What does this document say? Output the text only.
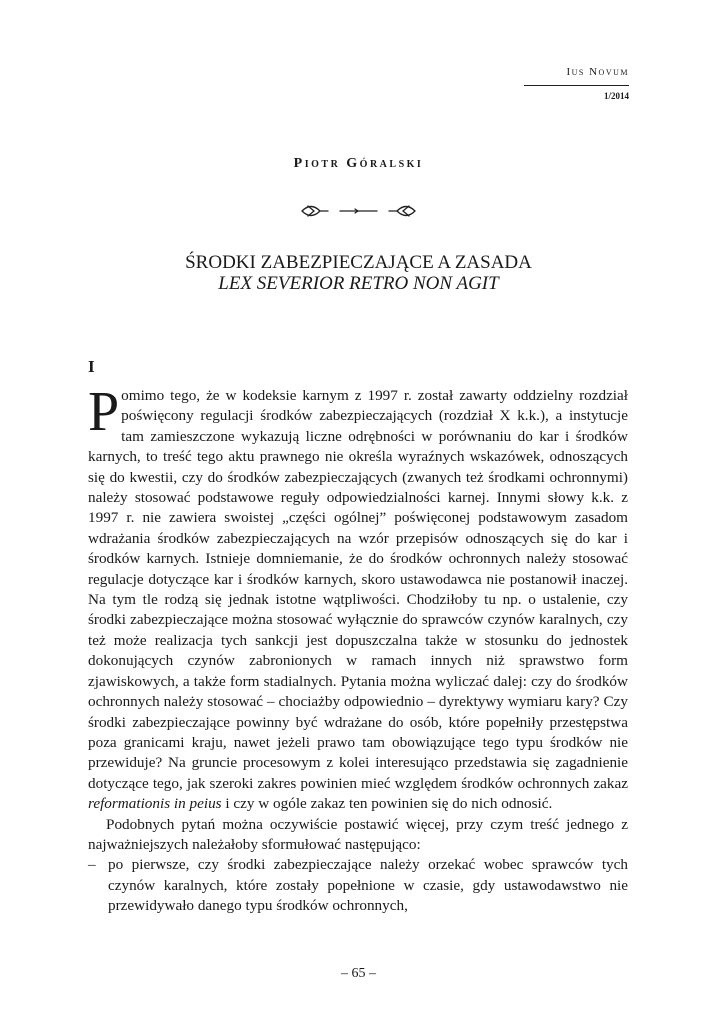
Ius Novum
1/2014
Piotr Góralski
ŚRODKI ZABEZPIECZAJĄCE A ZASADA
LEX SEVERIOR RETRO NON AGIT
I

Pomimo tego, że w kodeksie karnym z 1997 r. został zawarty oddzielny rozdział poświęcony regulacji środków zabezpieczających (rozdział X k.k.), a instytucje tam zamieszczone wykazują liczne odrębności w porównaniu do kar i środków karnych, to treść tego aktu prawnego nie określa wyraźnych wskazówek, odnoszących się do kwestii, czy do środków zabezpieczających (zwanych też środkami ochronnymi) należy stosować podstawowe reguły odpowiedzialności karnej. Innymi słowy k.k. z 1997 r. nie zawiera swoistej „części ogólnej” poświęconej podstawowym zasadom wdrażania środków zabezpieczających na wzór przepisów odnoszących się do kar i środków karnych. Istnieje domniemanie, że do środków ochronnych należy stosować regulacje dotyczące kar i środków karnych, skoro ustawodawca nie postanowił inaczej. Na tym tle rodzą się jednak istotne wątpliwości. Chodziłoby tu np. o ustalenie, czy środki zabezpieczające można stosować wyłącznie do sprawców czynów karalnych, czy też może realizacja tych sankcji jest dopuszczalna także w stosunku do jednostek dokonujących czynów zabronionych w ramach innych niż sprawstwo form zjawiskowych, a także form stadialnych. Pytania można wyliczać dalej: czy do środków ochronnych należy stosować – chociażby odpowiednio – dyrektywy wymiaru kary? Czy środki zabezpieczające powinny być wdrażane do osób, które popełniły przestępstwa poza granicami kraju, nawet jeżeli prawo tam obowiązujące tego typu środków nie przewiduje? Na gruncie procesowym z kolei interesująco przedstawia się zagadnienie dotyczące tego, jak szeroki zakres powinien mieć względem środków ochronnych zakaz reformationis in peius i czy w ogóle zakaz ten powinien się do nich odnosić.

Podobnych pytań można oczywiście postawić więcej, przy czym treść jednego z najważniejszych należałoby sformułować następująco:

– po pierwsze, czy środki zabezpieczające należy orzekać wobec sprawców tych czynów karalnych, które zostały popełnione w czasie, gdy ustawodawstwo nie przewidywało danego typu środków ochronnych,
– 65 –
